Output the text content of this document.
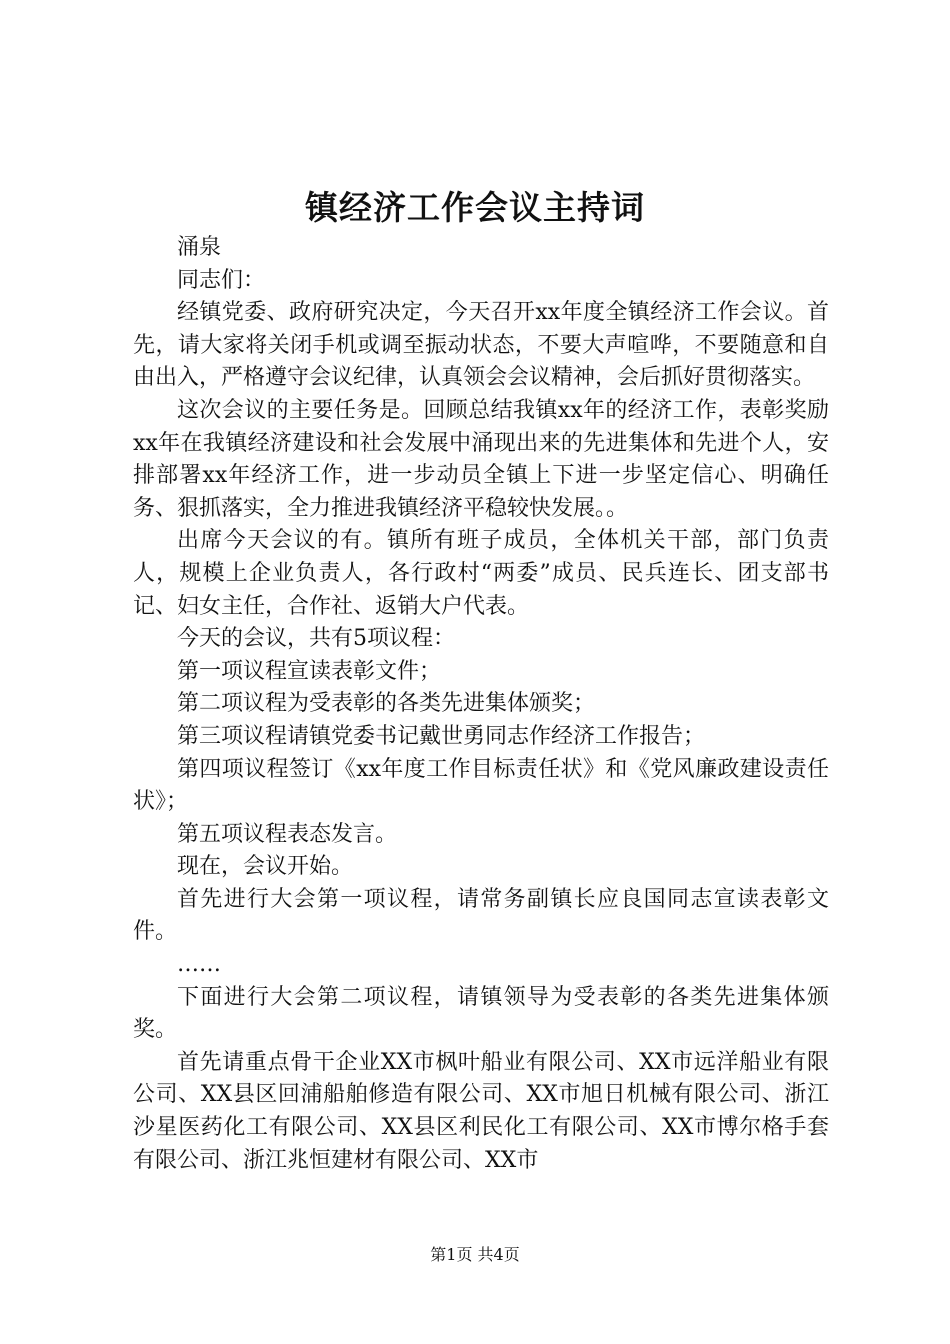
镇经济工作会议主持词

涌泉

同志们：

经镇党委、政府研究决定，今天召开xx年度全镇经济工作会议。首先，请大家将关闭手机或调至振动状态，不要大声喧哗，不要随意和自由出入，严格遵守会议纪律，认真领会会议精神，会后抓好贯彻落实。

这次会议的主要任务是。回顾总结我镇xx年的经济工作，表彰奖励xx年在我镇经济建设和社会发展中涌现出来的先进集体和先进个人，安排部署xx年经济工作，进一步动员全镇上下进一步坚定信心、明确任务、狠抓落实，全力推进我镇经济平稳较快发展。。

出席今天会议的有。镇所有班子成员，全体机关干部，部门负责人，规模上企业负责人，各行政村“两委”成员、民兵连长、团支部书记、妇女主任，合作社、返销大户代表。

今天的会议，共有5项议程：

第一项议程宣读表彰文件；

第二项议程为受表彰的各类先进集体颁奖；

第三项议程请镇党委书记戴世勇同志作经济工作报告；

第四项议程签订《xx年度工作目标责任状》和《党风廉政建设责任状》；

第五项议程表态发言。

现在，会议开始。

首先进行大会第一项议程，请常务副镇长应良国同志宣读表彰文件。

……

下面进行大会第二项议程，请镇领导为受表彰的各类先进集体颁奖。

首先请重点骨干企业XX市枫叶船业有限公司、XX市远洋船业有限公司、XX县区回浦船舶修造有限公司、XX市旭日机械有限公司、浙江沙星医药化工有限公司、XX县区利民化工有限公司、XX市博尔格手套有限公司、浙江兆恒建材有限公司、XX市

第1页 共4页
